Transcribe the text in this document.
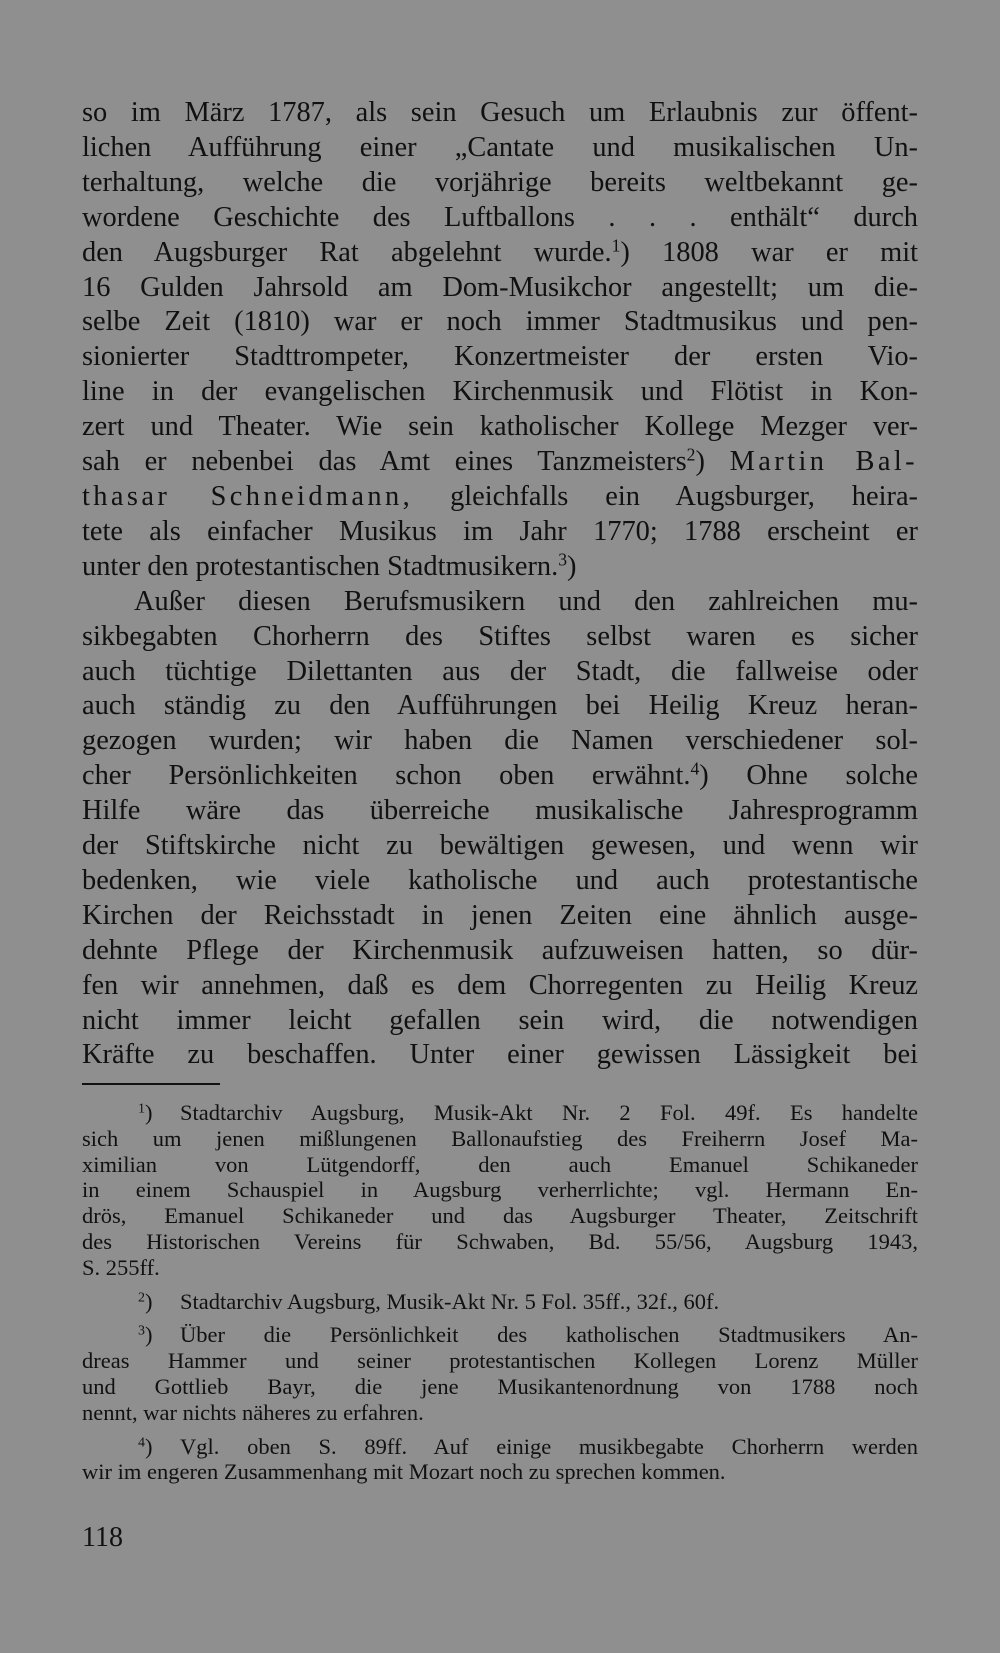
so im März 1787, als sein Gesuch um Erlaubnis zur öffent-
lichen Aufführung einer „Cantate und musikalischen Un-
terhaltung, welche die vorjährige bereits weltbekannt ge-
wordene Geschichte des Luftballons . . . enthält“ durch
den Augsburger Rat abgelehnt wurde.$^1$) 1808 war er mit
16 Gulden Jahrsold am Dom-Musikchor angestellt; um die-
selbe Zeit (1810) war er noch immer Stadtmusikus und pen-
sionierter Stadttrompeter, Konzertmeister der ersten Vio-
line in der evangelischen Kirchenmusik und Flötist in Kon-
zert und Theater. Wie sein katholischer Kollege Mezger ver-
sah er nebenbei das Amt eines Tanzmeisters$^2$) Martin Bal-
thasar Schneidmann, gleichfalls ein Augsburger, heira-
tete als einfacher Musikus im Jahr 1770; 1788 erscheint er
unter den protestantischen Stadtmusikern.$^3$)
Außer diesen Berufsmusikern und den zahlreichen mu-
sikbegabten Chorherrn des Stiftes selbst waren es sicher
auch tüchtige Dilettanten aus der Stadt, die fallweise oder
auch ständig zu den Aufführungen bei Heilig Kreuz heran-
gezogen wurden; wir haben die Namen verschiedener sol-
cher Persönlichkeiten schon oben erwähnt.$^4$) Ohne solche
Hilfe wäre das überreiche musikalische Jahresprogramm
der Stiftskirche nicht zu bewältigen gewesen, und wenn wir
bedenken, wie viele katholische und auch protestantische
Kirchen der Reichsstadt in jenen Zeiten eine ähnlich ausge-
dehnte Pflege der Kirchenmusik aufzuweisen hatten, so dür-
fen wir annehmen, daß es dem Chorregenten zu Heilig Kreuz
nicht immer leicht gefallen sein wird, die notwendigen
Kräfte zu beschaffen. Unter einer gewissen Lässigkeit bei
$^1$) Stadtarchiv Augsburg, Musik-Akt Nr. 2 Fol. 49f. Es handelte
sich um jenen mißlungenen Ballonaufstieg des Freiherrn Josef Ma-
ximilian von Lütgendorff, den auch Emanuel Schikaneder
in einem Schauspiel in Augsburg verherrlichte; vgl. Hermann En-
drös, Emanuel Schikaneder und das Augsburger Theater, Zeitschrift
des Historischen Vereins für Schwaben, Bd. 55/56, Augsburg 1943,
S. 255ff.
$^2$) Stadtarchiv Augsburg, Musik-Akt Nr. 5 Fol. 35ff., 32f., 60f.
$^3$) Über die Persönlichkeit des katholischen Stadtmusikers An-
dreas Hammer und seiner protestantischen Kollegen Lorenz Müller
und Gottlieb Bayr, die jene Musikantenordnung von 1788 noch
nennt, war nichts näheres zu erfahren.
$^4$) Vgl. oben S. 89ff. Auf einige musikbegabte Chorherrn werden
wir im engeren Zusammenhang mit Mozart noch zu sprechen kommen.
118
